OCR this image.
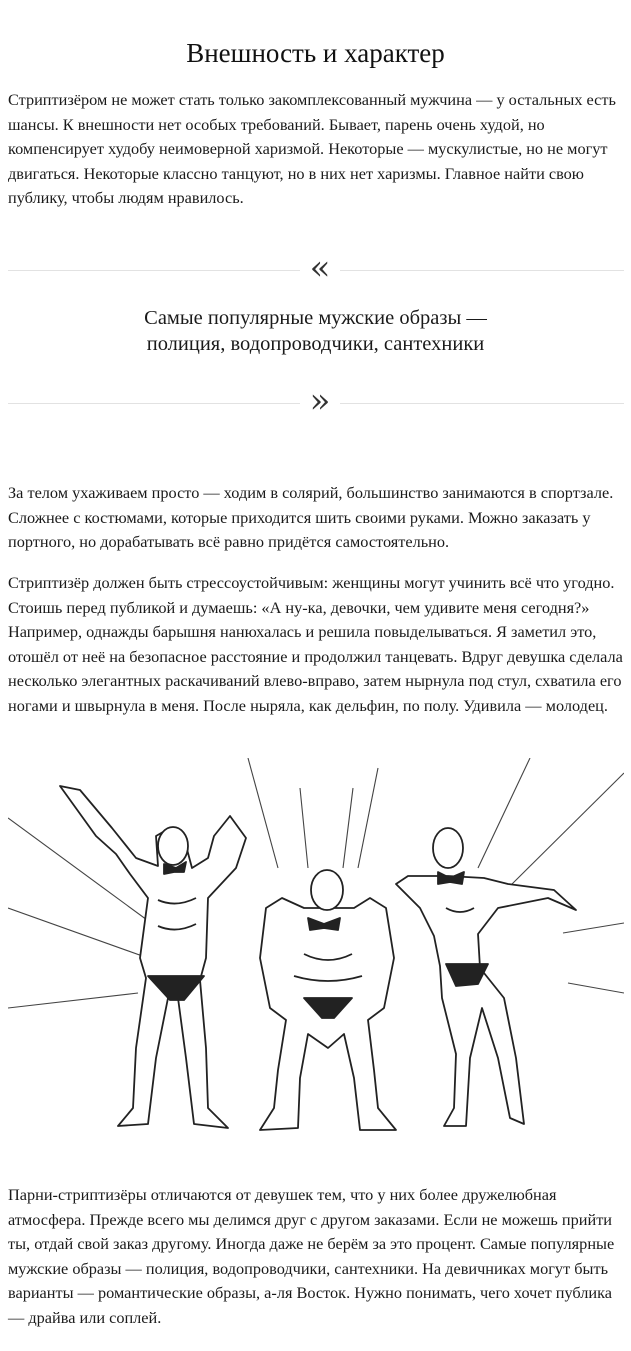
Внешность и характер

Стриптизёром не может стать только закомплексованный мужчина — у остальных есть шансы. К внешности нет особых требований. Бывает, парень очень худой, но компенсирует худобу неимоверной харизмой. Некоторые — мускулистые, но не могут двигаться. Некоторые классно танцуют, но в них нет харизмы. Главное найти свою публику, чтобы людям нравилось.

«
Самые популярные мужские образы —
полиция, водопроводчики, сантехники
»

За телом ухаживаем просто — ходим в солярий, большинство занимаются в спортзале. Сложнее с костюмами, которые приходится шить своими руками. Можно заказать у портного, но дорабатывать всё равно придётся самостоятельно.

Стриптизёр должен быть стрессоустойчивым: женщины могут учинить всё что угодно. Стоишь перед публикой и думаешь: «А ну-ка, девочки, чем удивите меня сегодня?» Например, однажды барышня нанюхалась и решила повыделываться. Я заметил это, отошёл от неё на безопасное расстояние и продолжил танцевать. Вдруг девушка сделала несколько элегантных раскачиваний влево-вправо, затем нырнула под стул, схватила его ногами и швырнула в меня. После ныряла, как дельфин, по полу. Удивила — молодец.

Парни-стриптизёры отличаются от девушек тем, что у них более дружелюбная атмосфера. Прежде всего мы делимся друг с другом заказами. Если не можешь прийти ты, отдай свой заказ другому. Иногда даже не берём за это процент. Самые популярные мужские образы — полиция, водопроводчики, сантехники. На девичниках могут быть варианты — романтические образы, а-ля Восток. Нужно понимать, чего хочет публика — драйва или соплей.
